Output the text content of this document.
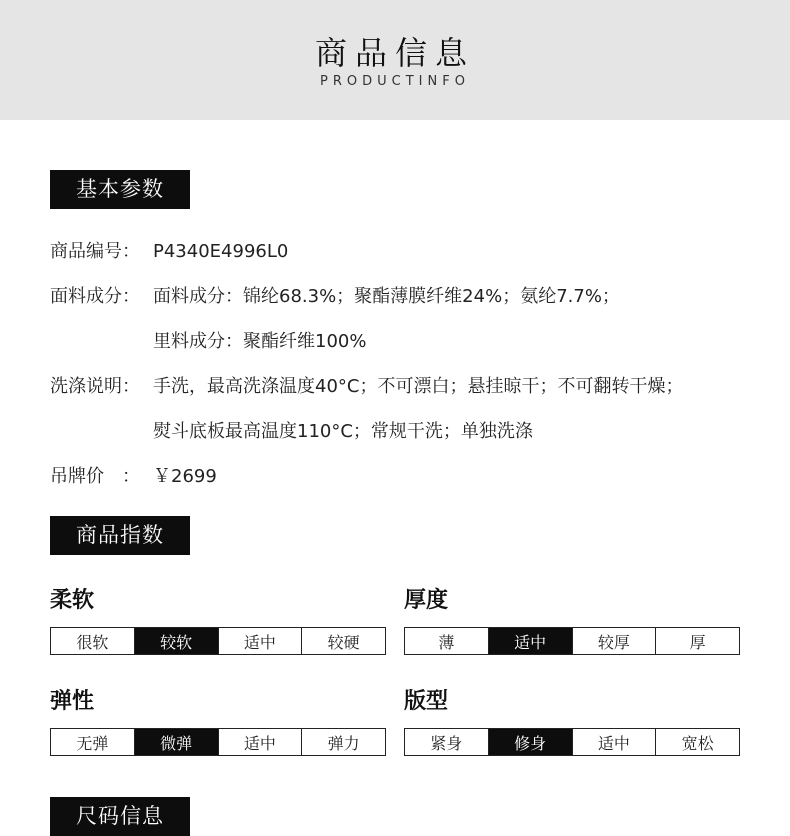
商品信息
PRODUCTINFO
基本参数
商品编号： P4340E4996L0
面料成分： 面料成分：锦纶68.3%；聚酯薄膜纤维24%；氨纶7.7%；
里料成分：聚酯纤维100%
洗涤说明： 手洗，最高洗涤温度40°C；不可漂白；悬挂晾干；不可翻转干燥；
熨斗底板最高温度110°C；常规干洗；单独洗涤
吊牌价　： ￥2699
商品指数
柔软
很软	较软	适中	较硬
厚度
薄	适中	较厚	厚
弹性
无弹	微弹	适中	弹力
版型
紧身	修身	适中	宽松
尺码信息
